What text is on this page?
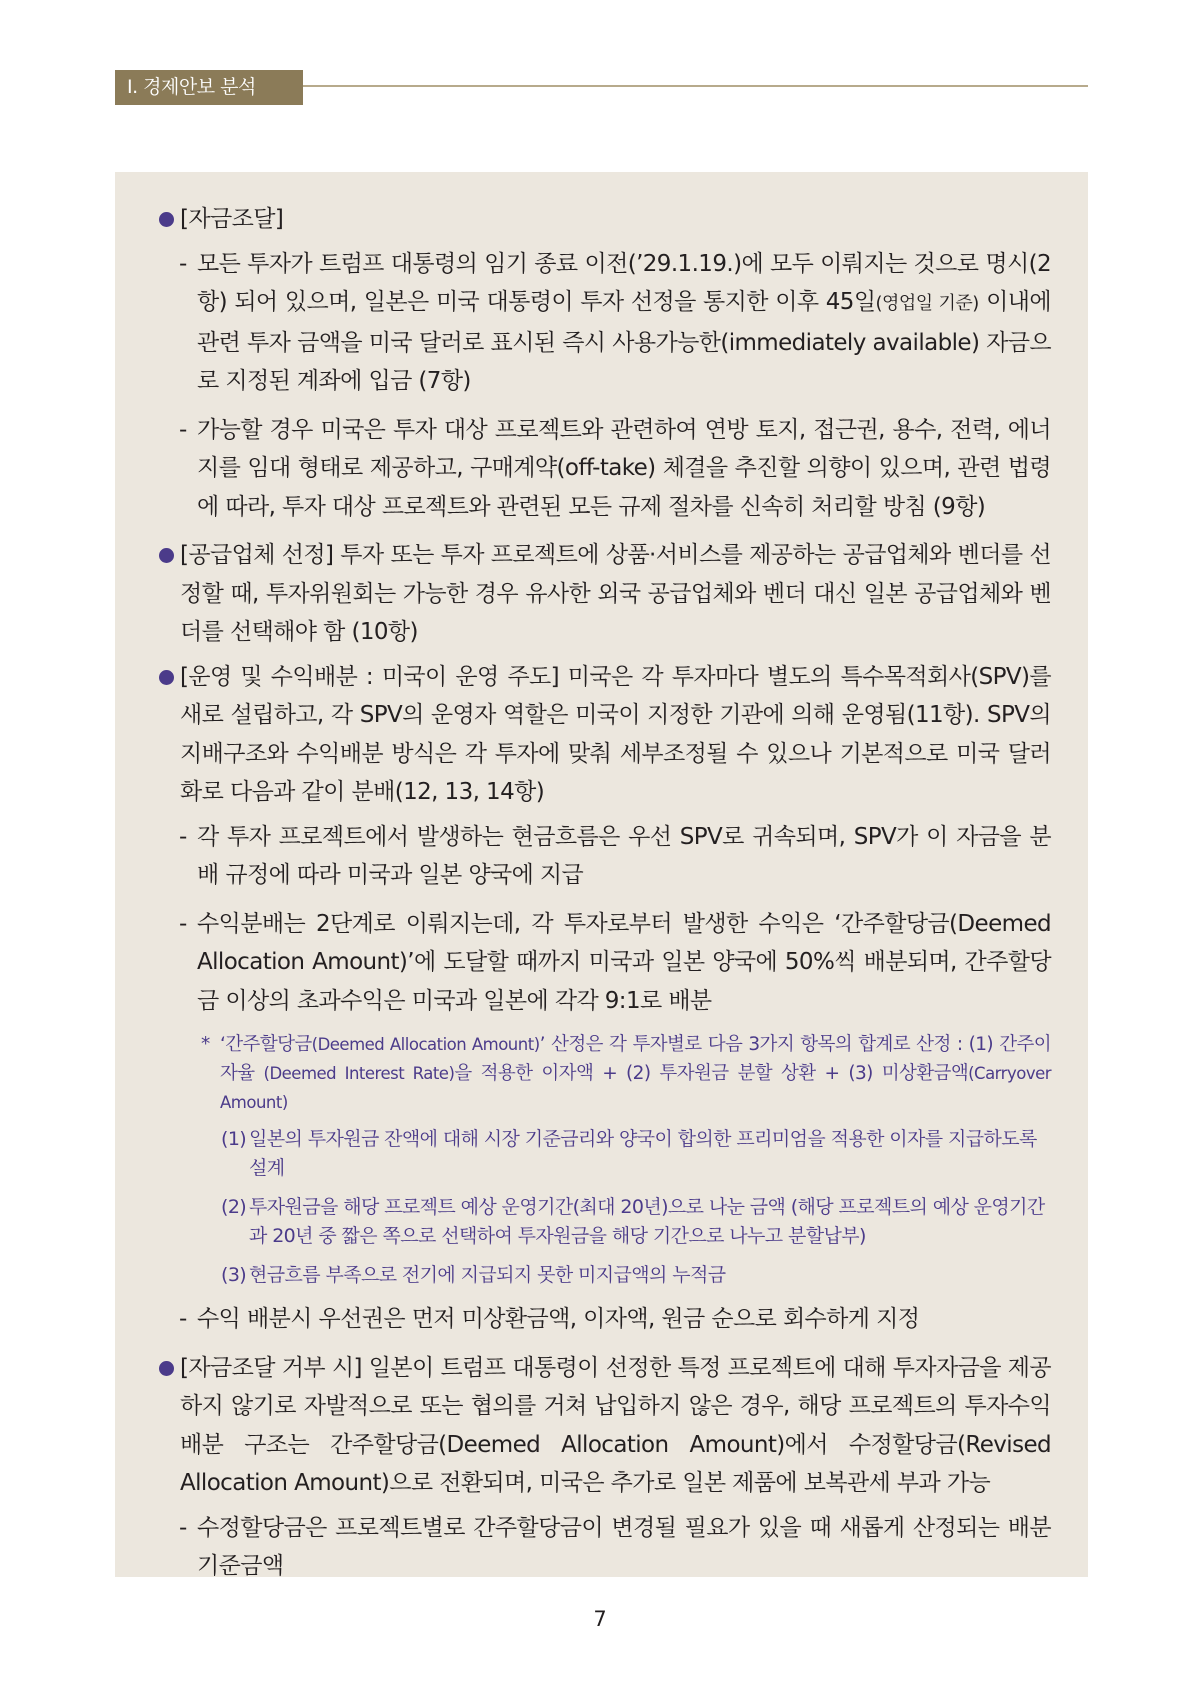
Ⅰ. 경제안보 분석
[자금조달]
- 모든 투자가 트럼프 대통령의 임기 종료 이전(’29.1.19.)에 모두 이뤄지는 것으로 명시(2항) 되어 있으며, 일본은 미국 대통령이 투자 선정을 통지한 이후 45일(영업일 기준) 이내에 관련 투자 금액을 미국 달러로 표시된 즉시 사용가능한(immediately available) 자금으로 지정된 계좌에 입금 (7항)
- 가능할 경우 미국은 투자 대상 프로젝트와 관련하여 연방 토지, 접근권, 용수, 전력, 에너지를 임대 형태로 제공하고, 구매계약(off-take) 체결을 추진할 의향이 있으며, 관련 법령에 따라, 투자 대상 프로젝트와 관련된 모든 규제 절차를 신속히 처리할 방침 (9항)
[공급업체 선정] 투자 또는 투자 프로젝트에 상품·서비스를 제공하는 공급업체와 벤더를 선정할 때, 투자위원회는 가능한 경우 유사한 외국 공급업체와 벤더 대신 일본 공급업체와 벤더를 선택해야 함 (10항)
[운영 및 수익배분 : 미국이 운영 주도] 미국은 각 투자마다 별도의 특수목적회사(SPV)를 새로 설립하고, 각 SPV의 운영자 역할은 미국이 지정한 기관에 의해 운영됨(11항). SPV의 지배구조와 수익배분 방식은 각 투자에 맞춰 세부조정될 수 있으나 기본적으로 미국 달러화로 다음과 같이 분배(12, 13, 14항)
- 각 투자 프로젝트에서 발생하는 현금흐름은 우선 SPV로 귀속되며, SPV가 이 자금을 분배 규정에 따라 미국과 일본 양국에 지급
- 수익분배는 2단계로 이뤄지는데, 각 투자로부터 발생한 수익은 ‘간주할당금(Deemed Allocation Amount)’에 도달할 때까지 미국과 일본 양국에 50%씩 배분되며, 간주할당금 이상의 초과수익은 미국과 일본에 각각 9:1로 배분
* ‘간주할당금(Deemed Allocation Amount)’ 산정은 각 투자별로 다음 3가지 항목의 합계로 산정 : (1) 간주이자율 (Deemed Interest Rate)을 적용한 이자액 + (2) 투자원금 분할 상환 + (3) 미상환금액(Carryover Amount)
(1) 일본의 투자원금 잔액에 대해 시장 기준금리와 양국이 합의한 프리미엄을 적용한 이자를 지급하도록 설계
(2) 투자원금을 해당 프로젝트 예상 운영기간(최대 20년)으로 나눈 금액 (해당 프로젝트의 예상 운영기간과 20년 중 짧은 쪽으로 선택하여 투자원금을 해당 기간으로 나누고 분할납부)
(3) 현금흐름 부족으로 전기에 지급되지 못한 미지급액의 누적금
- 수익 배분시 우선권은 먼저 미상환금액, 이자액, 원금 순으로 회수하게 지정
[자금조달 거부 시] 일본이 트럼프 대통령이 선정한 특정 프로젝트에 대해 투자자금을 제공하지 않기로 자발적으로 또는 협의를 거쳐 납입하지 않은 경우, 해당 프로젝트의 투자수익 배분 구조는 간주할당금(Deemed Allocation Amount)에서 수정할당금(Revised Allocation Amount)으로 전환되며, 미국은 추가로 일본 제품에 보복관세 부과 가능
- 수정할당금은 프로젝트별로 간주할당금이 변경될 필요가 있을 때 새롭게 산정되는 배분 기준금액
7
